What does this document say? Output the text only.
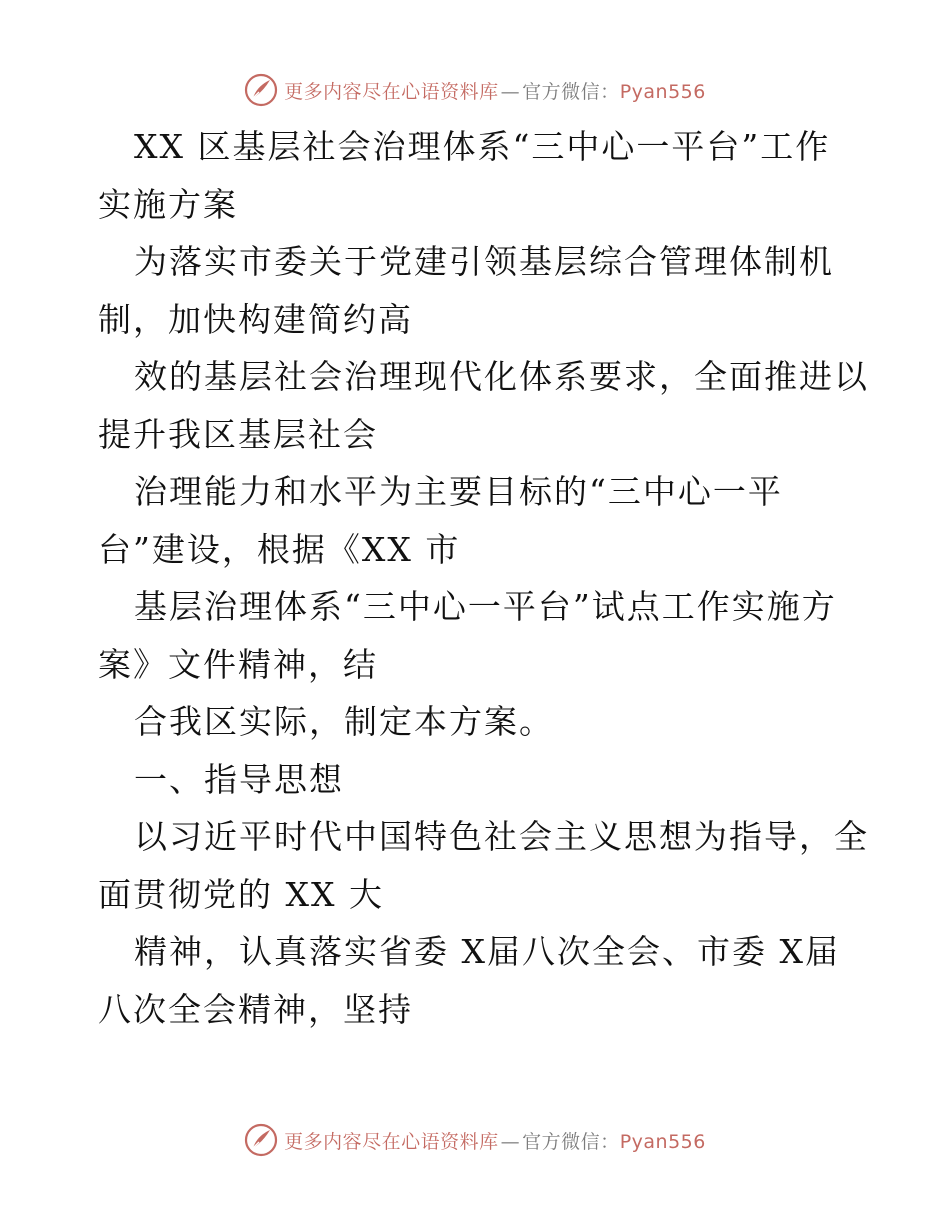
更多内容尽在心语资料库 — 官方微信：Pyan556
XX 区基层社会治理体系“三中心一平台”工作
实施方案
为落实市委关于党建引领基层综合管理体制机
制，加快构建简约高
效的基层社会治理现代化体系要求，全面推进以
提升我区基层社会
治理能力和水平为主要目标的“三中心一平
台”建设，根据《XX 市
基层治理体系“三中心一平台”试点工作实施方
案》文件精神，结
合我区实际，制定本方案。
一、指导思想
以习近平时代中国特色社会主义思想为指导，全
面贯彻党的 XX 大
精神，认真落实省委 X届八次全会、市委 X届
八次全会精神，坚持
更多内容尽在心语资料库 — 官方微信：Pyan556
